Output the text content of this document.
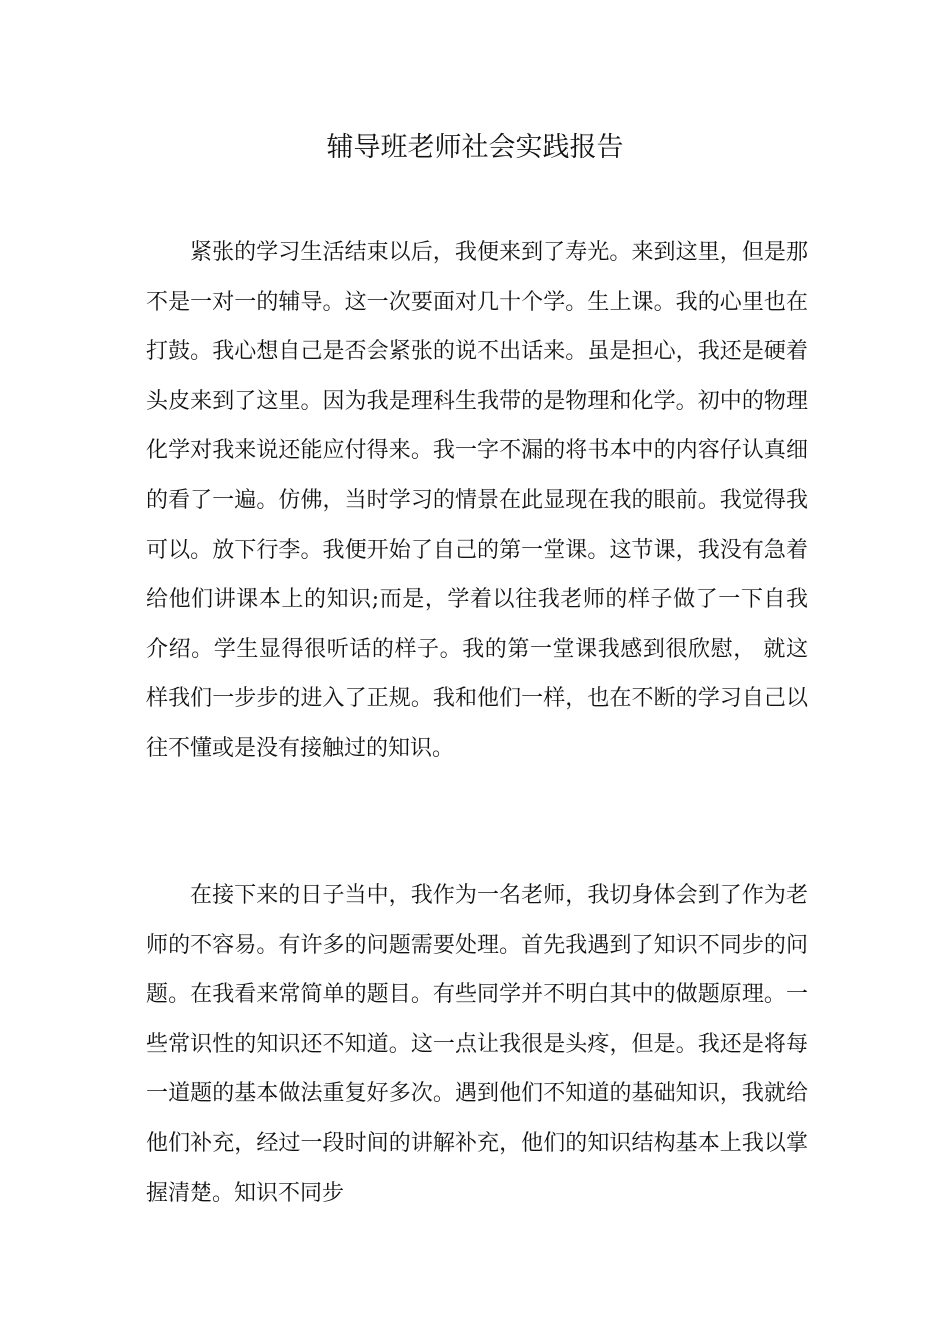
辅导班老师社会实践报告

紧张的学习生活结束以后，我便来到了寿光。来到这里，但是那不是一对一的辅导。这一次要面对几十个学。生上课。我的心里也在打鼓。我心想自己是否会紧张的说不出话来。虽是担心，我还是硬着头皮来到了这里。因为我是理科生我带的是物理和化学。初中的物理化学对我来说还能应付得来。我一字不漏的将书本中的内容仔认真细的看了一遍。仿佛，当时学习的情景在此显现在我的眼前。我觉得我可以。放下行李。我便开始了自己的第一堂课。这节课，我没有急着给他们讲课本上的知识;而是，学着以往我老师的样子做了一下自我介绍。学生显得很听话的样子。我的第一堂课我感到很欣慰， 就这样我们一步步的进入了正规。我和他们一样，也在不断的学习自己以往不懂或是没有接触过的知识。

在接下来的日子当中，我作为一名老师，我切身体会到了作为老师的不容易。有许多的问题需要处理。首先我遇到了知识不同步的问题。在我看来常简单的题目。有些同学并不明白其中的做题原理。一些常识性的知识还不知道。这一点让我很是头疼，但是。我还是将每一道题的基本做法重复好多次。遇到他们不知道的基础知识，我就给他们补充，经过一段时间的讲解补充，他们的知识结构基本上我以掌握清楚。知识不同步
